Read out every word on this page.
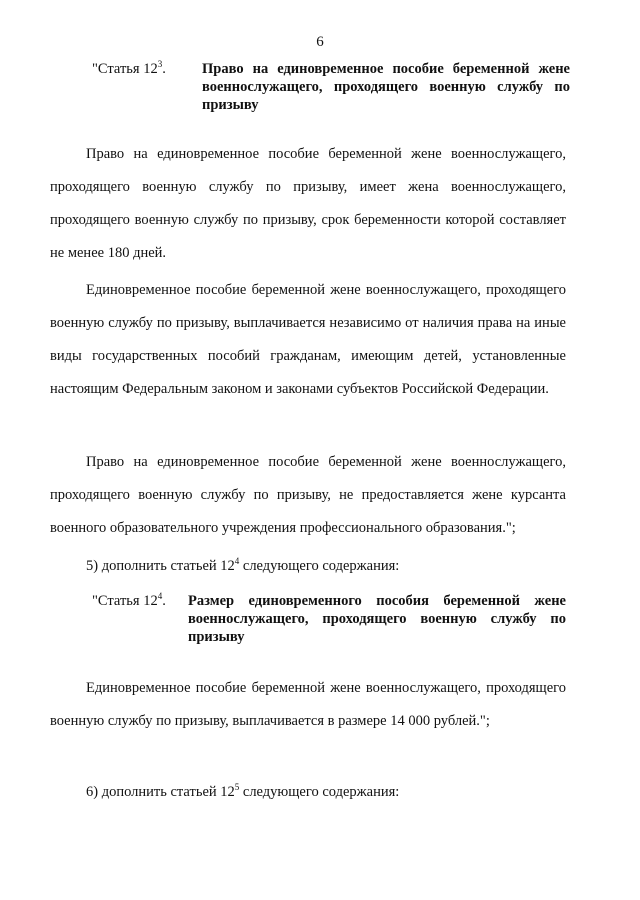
6
"Статья $12^3$.	Право на единовременное пособие беременной жене военнослужащего, проходящего военную службу по призыву

Право на единовременное пособие беременной жене военнослужащего, проходящего военную службу по призыву, имеет жена военнослужащего, проходящего военную службу по призыву, срок беременности которой составляет не менее 180 дней.

Единовременное пособие беременной жене военнослужащего, проходящего военную службу по призыву, выплачивается независимо от наличия права на иные виды государственных пособий гражданам, имеющим детей, установленные настоящим Федеральным законом и законами субъектов Российской Федерации.

Право на единовременное пособие беременной жене военнослужащего, проходящего военную службу по призыву, не предоставляется жене курсанта военного образовательного учреждения профессионального образования.";

5) дополнить статьей $12^4$ следующего содержания:

"Статья $12^4$.	Размер единовременного пособия беременной жене военнослужащего, проходящего военную службу по призыву

Единовременное пособие беременной жене военнослужащего, проходящего военную службу по призыву, выплачивается в размере 14 000 рублей.";

6) дополнить статьей $12^5$ следующего содержания:
